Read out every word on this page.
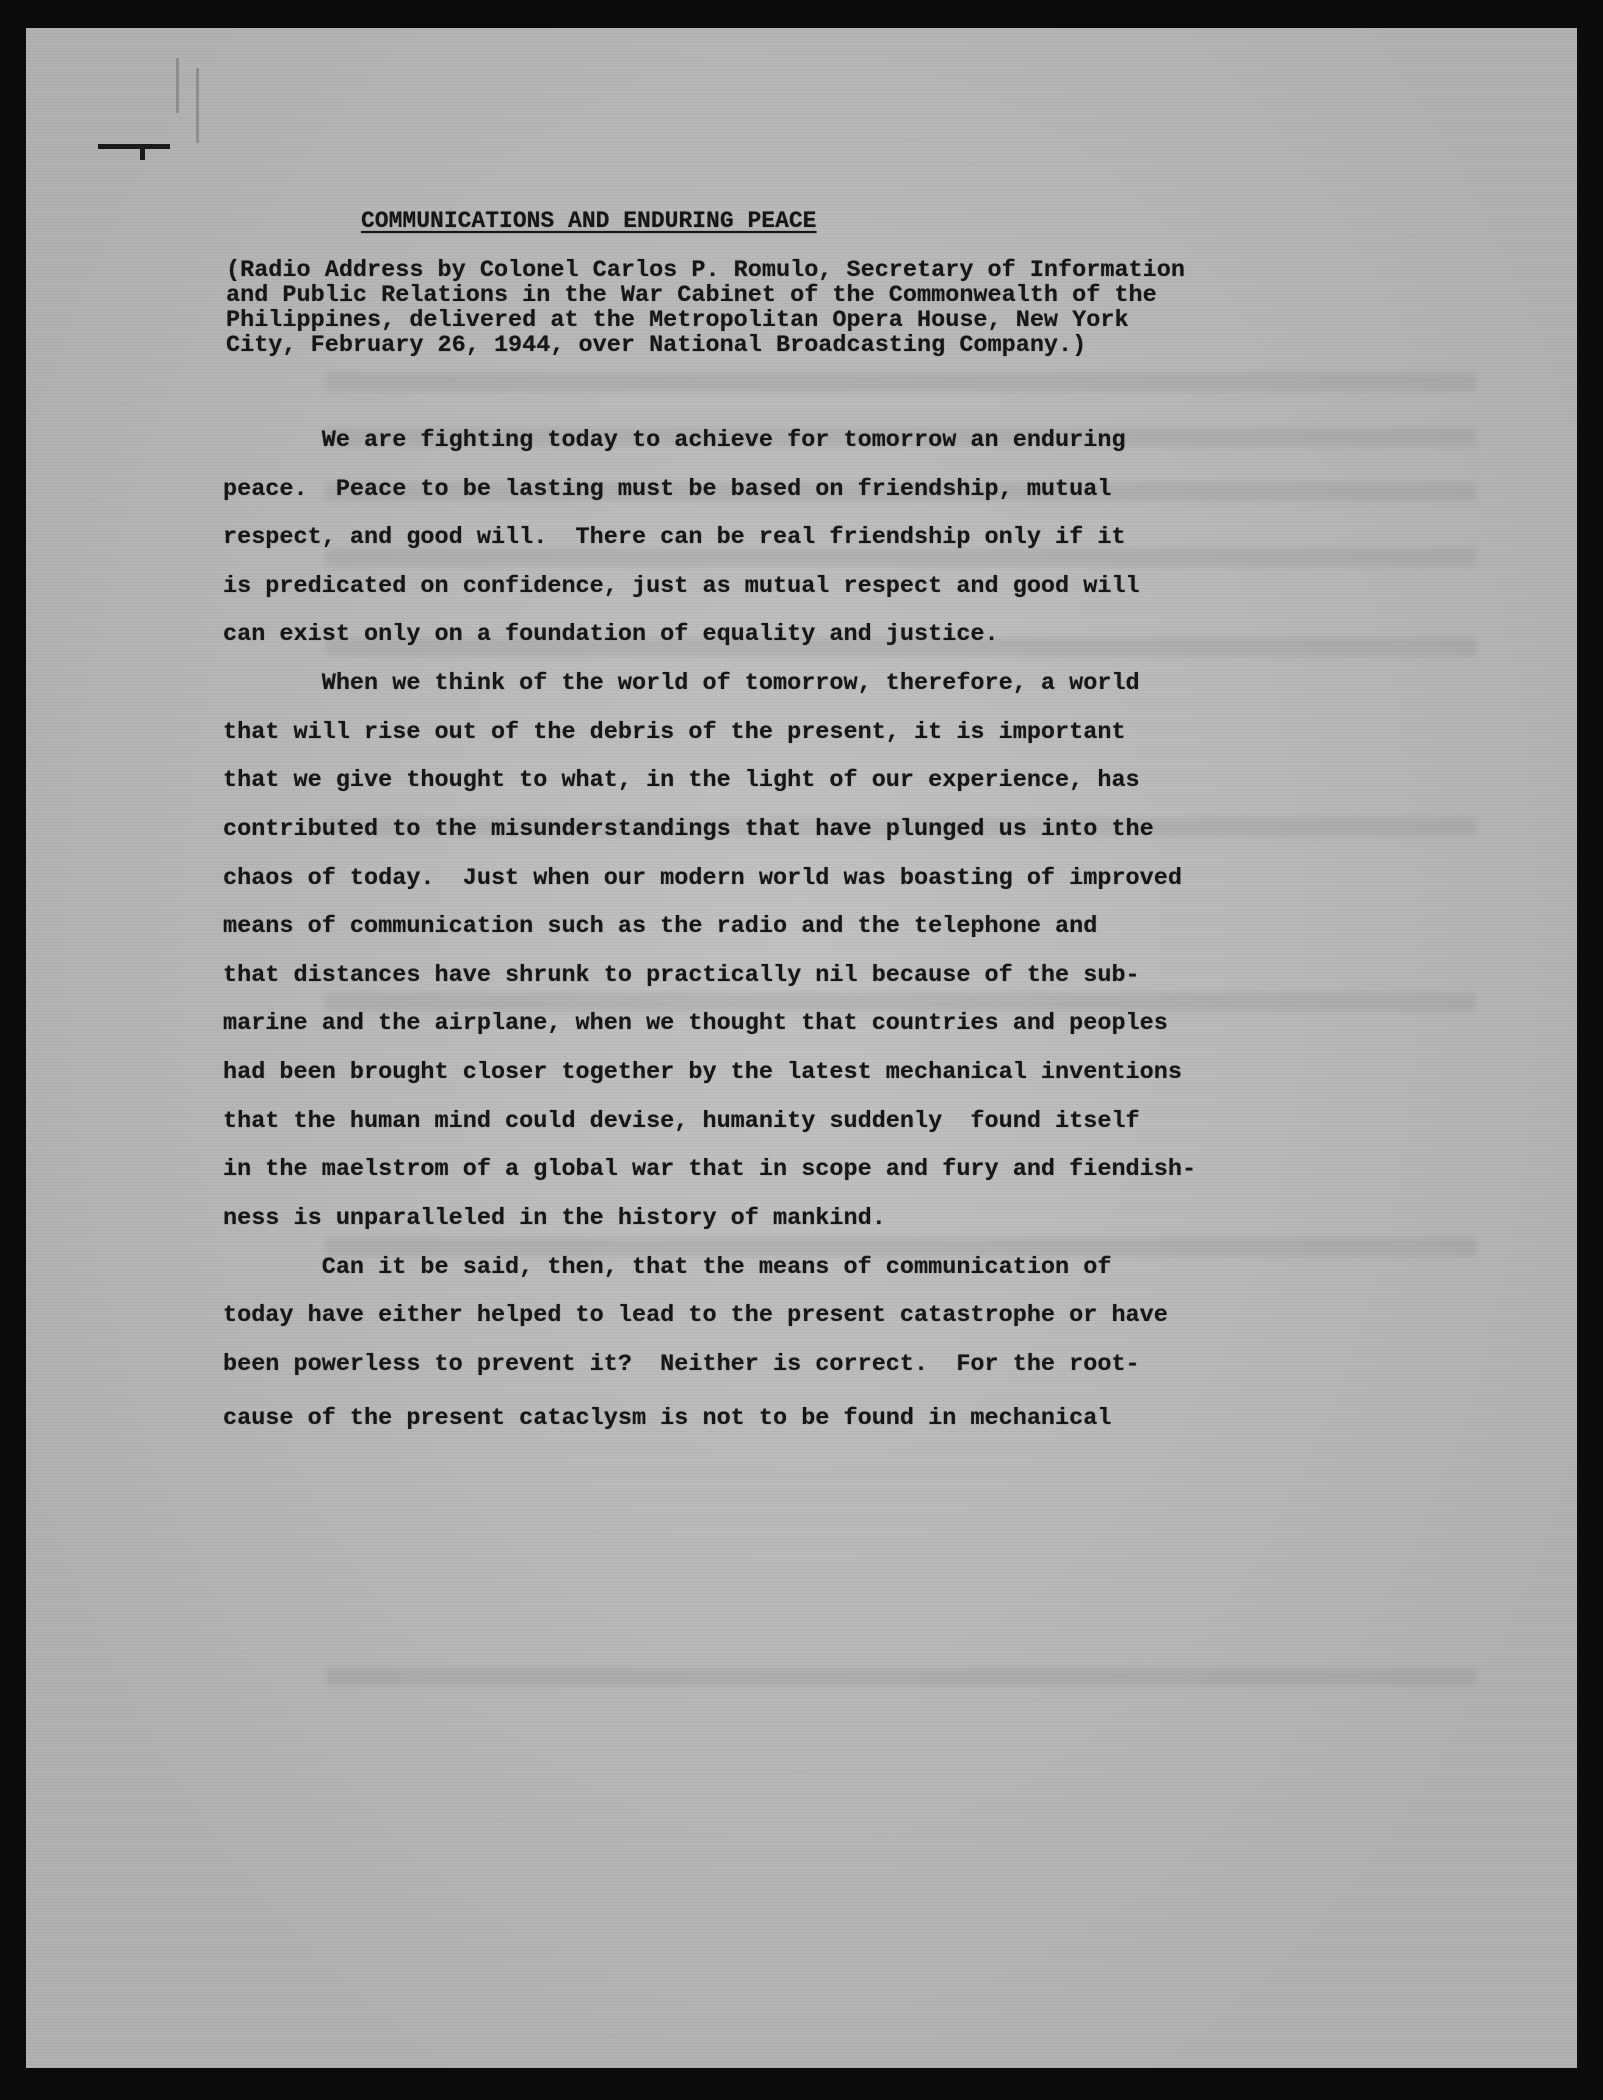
COMMUNICATIONS AND ENDURING PEACE
(Radio Address by Colonel Carlos P. Romulo, Secretary of Information
and Public Relations in the War Cabinet of the Commonwealth of the
Philippines, delivered at the Metropolitan Opera House, New York
City, February 26, 1944, over National Broadcasting Company.)
We are fighting today to achieve for tomorrow an enduring
peace.  Peace to be lasting must be based on friendship, mutual
respect, and good will.  There can be real friendship only if it
is predicated on confidence, just as mutual respect and good will
can exist only on a foundation of equality and justice.
When we think of the world of tomorrow, therefore, a world
that will rise out of the debris of the present, it is important
that we give thought to what, in the light of our experience, has
contributed to the misunderstandings that have plunged us into the
chaos of today.  Just when our modern world was boasting of improved
means of communication such as the radio and the telephone and
that distances have shrunk to practically nil because of the sub-
marine and the airplane, when we thought that countries and peoples
had been brought closer together by the latest mechanical inventions
that the human mind could devise, humanity suddenly  found itself
in the maelstrom of a global war that in scope and fury and fiendish-
ness is unparalleled in the history of mankind.
Can it be said, then, that the means of communication of
today have either helped to lead to the present catastrophe or have
been powerless to prevent it?  Neither is correct.  For the root-
cause of the present cataclysm is not to be found in mechanical
